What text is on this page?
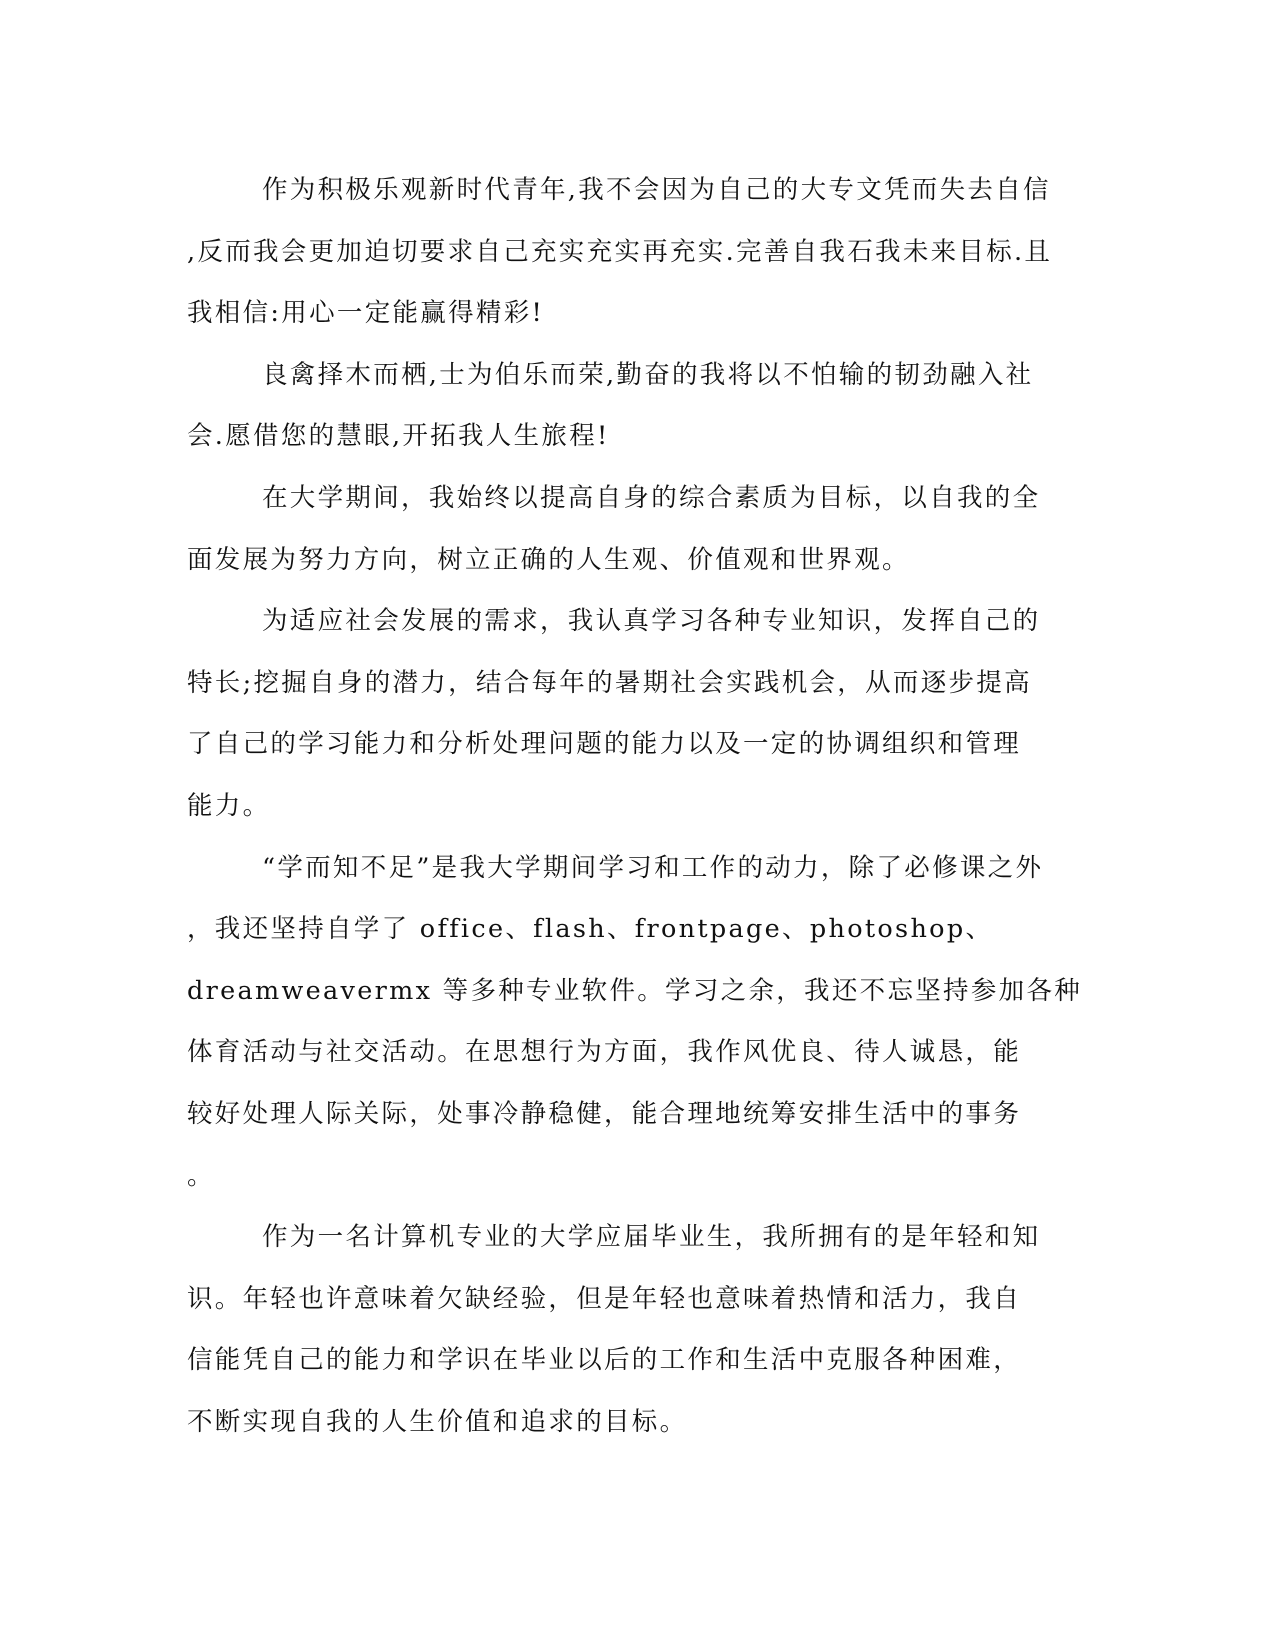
作为积极乐观新时代青年,我不会因为自己的大专文凭而失去自信
,反而我会更加迫切要求自己充实充实再充实.完善自我石我未来目标.且
我相信:用心一定能赢得精彩!

良禽择木而栖,士为伯乐而荣,勤奋的我将以不怕输的韧劲融入社
会.愿借您的慧眼,开拓我人生旅程!

在大学期间，我始终以提高自身的综合素质为目标，以自我的全
面发展为努力方向，树立正确的人生观、价值观和世界观。

为适应社会发展的需求，我认真学习各种专业知识，发挥自己的
特长;挖掘自身的潜力，结合每年的暑期社会实践机会，从而逐步提高
了自己的学习能力和分析处理问题的能力以及一定的协调组织和管理
能力。

“学而知不足”是我大学期间学习和工作的动力，除了必修课之外
，我还坚持自学了 office、flash、frontpage、photoshop、
dreamweavermx 等多种专业软件。学习之余，我还不忘坚持参加各种
体育活动与社交活动。在思想行为方面，我作风优良、待人诚恳，能
较好处理人际关际，处事冷静稳健，能合理地统筹安排生活中的事务
。

作为一名计算机专业的大学应届毕业生，我所拥有的是年轻和知
识。年轻也许意味着欠缺经验，但是年轻也意味着热情和活力，我自
信能凭自己的能力和学识在毕业以后的工作和生活中克服各种困难，
不断实现自我的人生价值和追求的目标。
